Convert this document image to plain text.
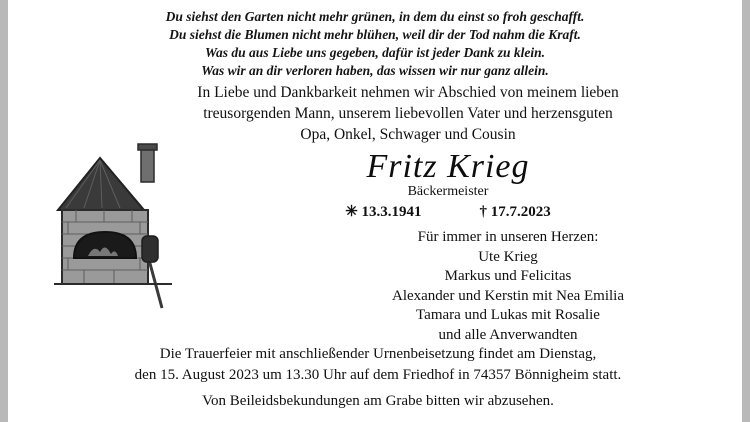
Du siehst den Garten nicht mehr grünen, in dem du einst so froh geschafft.
Du siehst die Blumen nicht mehr blühen, weil dir der Tod nahm die Kraft.
Was du aus Liebe uns gegeben, dafür ist jeder Dank zu klein.
Was wir an dir verloren haben, das wissen wir nur ganz allein.
In Liebe und Dankbarkeit nehmen wir Abschied von meinem lieben
treusorgenden Mann, unserem liebevollen Vater und herzensguten
Opa, Onkel, Schwager und Cousin
Fritz Krieg
Bäckermeister
✳ 13.3.1941	† 17.7.2023
Für immer in unseren Herzen:
Ute Krieg
Markus und Felicitas
Alexander und Kerstin mit Nea Emilia
Tamara und Lukas mit Rosalie
und alle Anverwandten
Die Trauerfeier mit anschließender Urnenbeisetzung findet am Dienstag,
den 15. August 2023 um 13.30 Uhr auf dem Friedhof in 74357 Bönnigheim statt.
Von Beileidsbekundungen am Grabe bitten wir abzusehen.
